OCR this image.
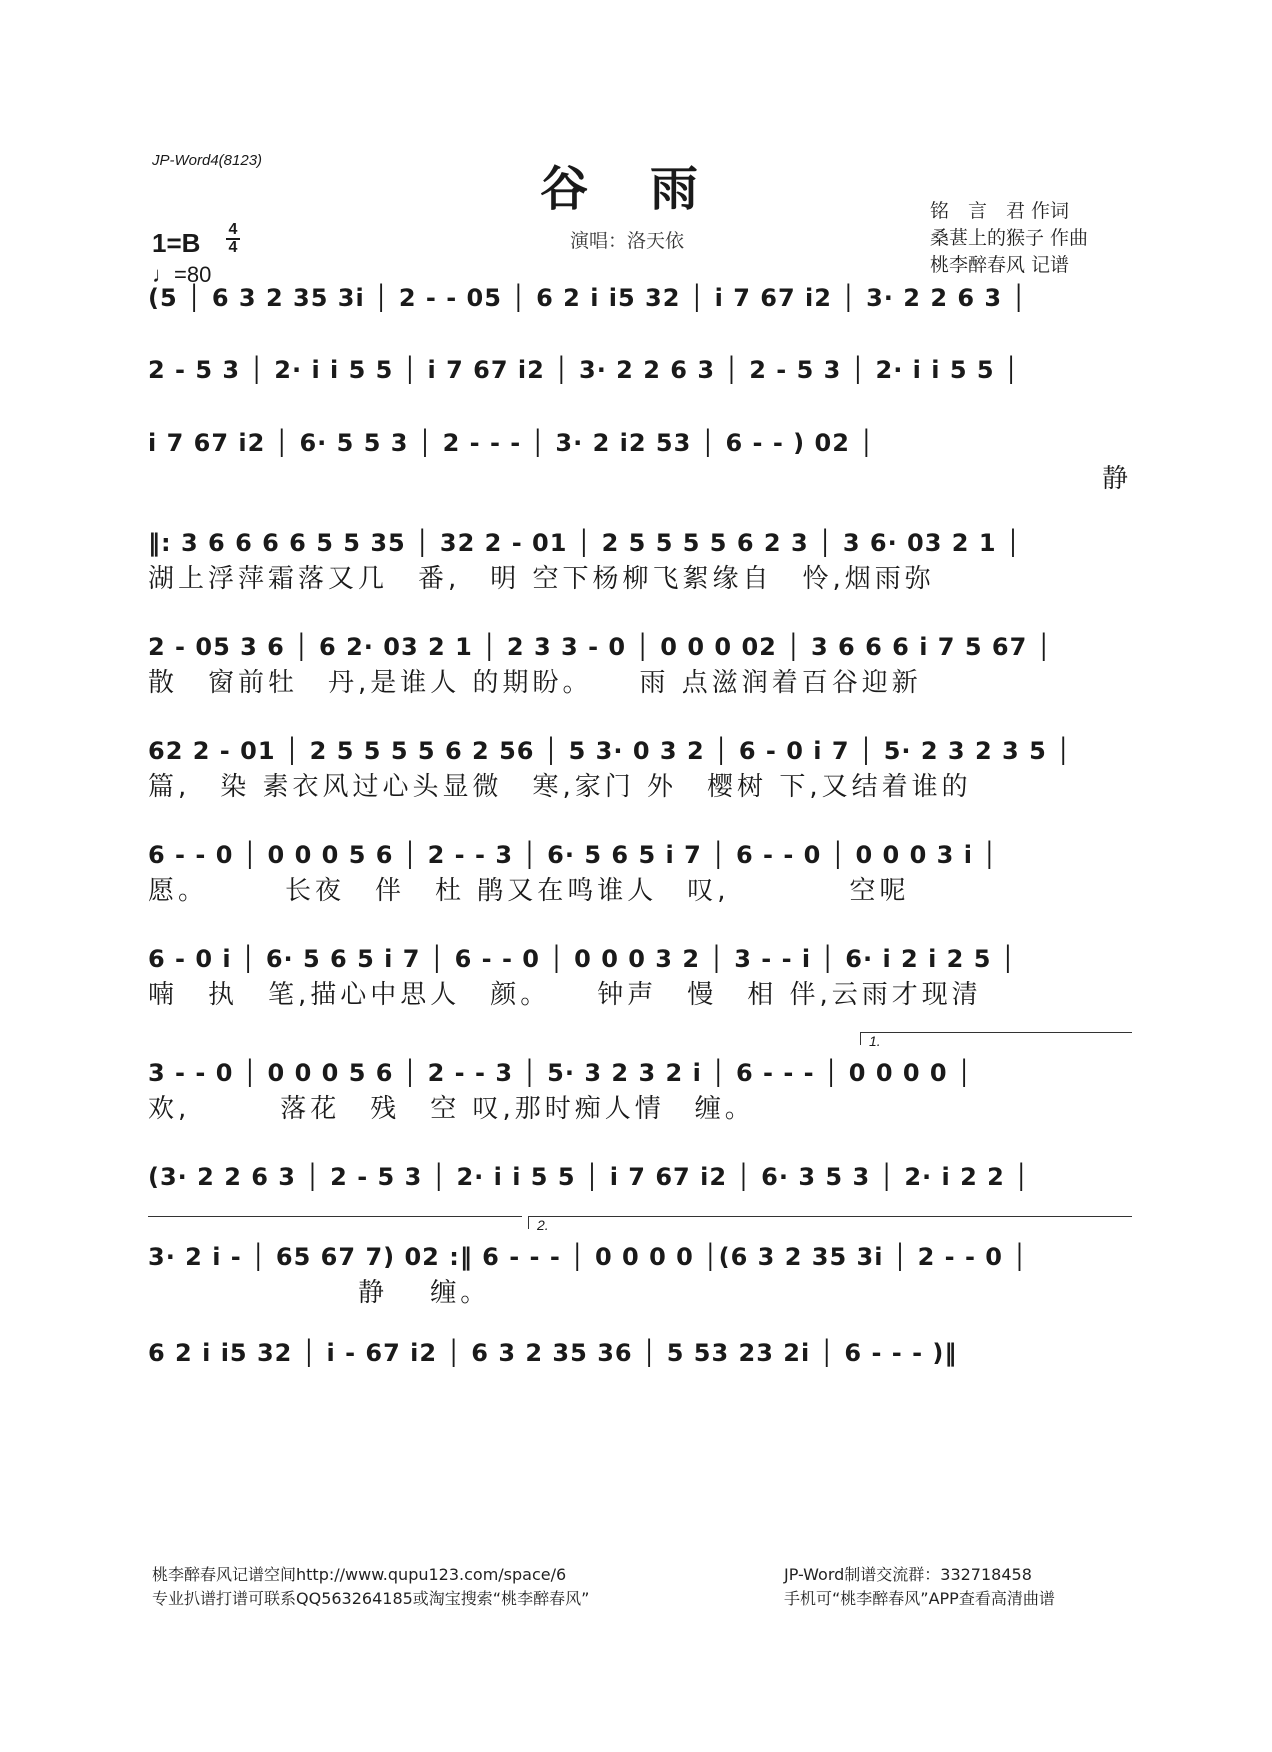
JP-Word4(8123)
谷雨
1=B 4
4
♩=80
演唱：洛天依
铭　言　君 作词
桑葚上的猴子 作曲
桃李醉春风 记谱
(5 │ 6 3 2 35 3i │ 2 - - 05 │ 6 2 i i5 32 │ i 7 67 i2 │ 3· 2 2 6 3 │
2 - 5 3 │ 2· i i 5 5 │ i 7 67 i2 │ 3· 2 2 6 3 │ 2 - 5 3 │ 2· i i 5 5 │
i 7 67 i2 │ 6· 5 5 3 │ 2 - - - │ 3· 2 i2 53 │ 6 - - ) 02 │
静
‖: 3 6 6 6 6 5 5 35 │ 32 2 - 01 │ 2 5 5 5 5 6 2 3 │ 3 6· 03 2 1 │
湖上浮萍霜落又几　番,　明 空下杨柳飞絮缘自　怜,烟雨弥
2 - 05 3 6 │ 6 2· 03 2 1 │ 2 3 3 - 0 │ 0 0 0 02 │ 3 6 6 6 i 7 5 67 │
散　窗前牡　丹,是谁人 的期盼。　　雨 点滋润着百谷迎新
62 2 - 01 │ 2 5 5 5 5 6 2 56 │ 5 3· 0 3 2 │ 6 - 0 i 7 │ 5· 2 3 2 3 5 │
篇,　染 素衣风过心头显微　寒,家门 外　樱树 下,又结着谁的
6 - - 0 │ 0 0 0 5 6 │ 2 - - 3 │ 6· 5 6 5 i 7 │ 6 - - 0 │ 0 0 0 3 i │
愿。　　　长夜　伴　杜 鹃又在鸣谁人　叹,　　　　空呢
6 - 0 i │ 6· 5 6 5 i 7 │ 6 - - 0 │ 0 0 0 3 2 │ 3 - - i │ 6· i 2 i 2 5 │
喃　执　笔,描心中思人　颜。　　钟声　慢　相 伴,云雨才现清
1.
3 - - 0 │ 0 0 0 5 6 │ 2 - - 3 │ 5· 3 2 3 2 i │ 6 - - - │ 0 0 0 0 │
欢,　　　落花　残　空 叹,那时痴人情　缠。
(3· 2 2 6 3 │ 2 - 5 3 │ 2· i i 5 5 │ i 7 67 i2 │ 6· 3 5 3 │ 2· i 2 2 │
2.
3· 2 i - │ 65 67 7) 02 :‖ 6 - - - │ 0 0 0 0 │(6 3 2 35 3i │ 2 - - 0 │
　　　　　　　静　 缠。
6 2 i i5 32 │ i - 67 i2 │ 6 3 2 35 36 │ 5 53 23 2i │ 6 - - - )‖
桃李醉春风记谱空间http://www.qupu123.com/space/6
专业扒谱打谱可联系QQ563264185或淘宝搜索“桃李醉春风”
JP-Word制谱交流群：332718458
手机可“桃李醉春风”APP查看高清曲谱
